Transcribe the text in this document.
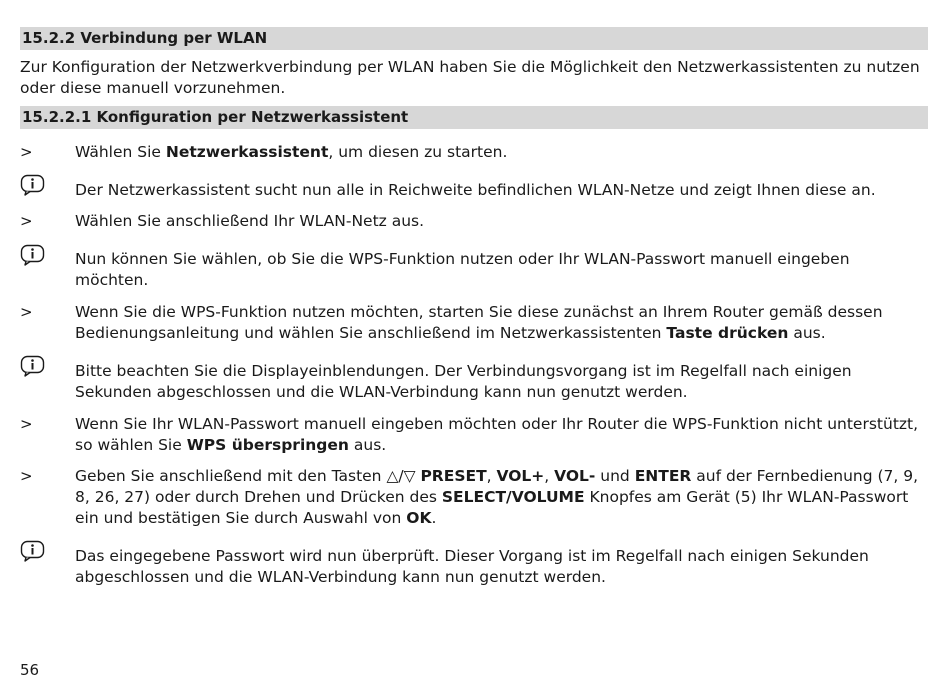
15.2.2 Verbindung per WLAN
Zur Konfiguration der Netzwerkverbindung per WLAN haben Sie die Möglichkeit den Netzwerkassistenten zu nutzen oder diese manuell vorzunehmen.
15.2.2.1 Konfiguration per Netzwerkassistent
>	Wählen Sie Netzwerkassistent, um diesen zu starten.
Der Netzwerkassistent sucht nun alle in Reichweite befindlichen WLAN-Netze und zeigt Ihnen diese an.
>	Wählen Sie anschließend Ihr WLAN-Netz aus.
Nun können Sie wählen, ob Sie die WPS-Funktion nutzen oder Ihr WLAN-Passwort manuell eingeben möchten.
>	Wenn Sie die WPS-Funktion nutzen möchten, starten Sie diese zunächst an Ihrem Router gemäß dessen Bedienungsanleitung und wählen Sie anschließend im Netzwerkassistenten Taste drücken aus.
Bitte beachten Sie die Displayeinblendungen. Der Verbindungsvorgang ist im Regelfall nach einigen Sekunden abgeschlossen und die WLAN-Verbindung kann nun genutzt werden.
>	Wenn Sie Ihr WLAN-Passwort manuell eingeben möchten oder Ihr Router die WPS-Funktion nicht unterstützt, so wählen Sie WPS überspringen aus.
>	Geben Sie anschließend mit den Tasten △/▽ PRESET, VOL+, VOL- und ENTER auf der Fernbedienung (7, 9, 8, 26, 27) oder durch Drehen und Drücken des SELECT/VOLUME Knopfes am Gerät (5) Ihr WLAN-Passwort ein und bestätigen Sie durch Auswahl von OK.
Das eingegebene Passwort wird nun überprüft. Dieser Vorgang ist im Regelfall nach einigen Sekunden abgeschlossen und die WLAN-Verbindung kann nun genutzt werden.
56
